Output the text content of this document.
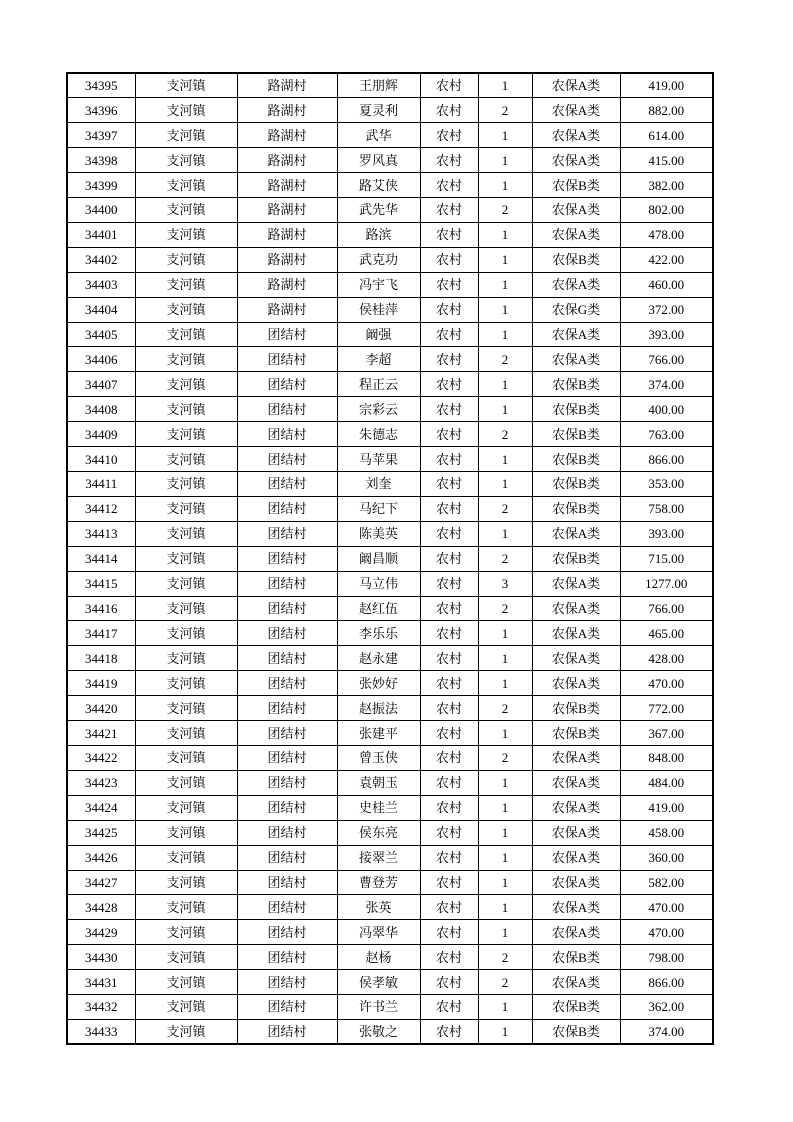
34395	支河镇	路湖村	王朋辉	农村	1	农保A类	419.00
34396	支河镇	路湖村	夏灵利	农村	2	农保A类	882.00
34397	支河镇	路湖村	武华	农村	1	农保A类	614.00
34398	支河镇	路湖村	罗风真	农村	1	农保A类	415.00
34399	支河镇	路湖村	路艾侠	农村	1	农保B类	382.00
34400	支河镇	路湖村	武先华	农村	2	农保A类	802.00
34401	支河镇	路湖村	路滨	农村	1	农保A类	478.00
34402	支河镇	路湖村	武克功	农村	1	农保B类	422.00
34403	支河镇	路湖村	冯宇飞	农村	1	农保A类	460.00
34404	支河镇	路湖村	侯桂萍	农村	1	农保G类	372.00
34405	支河镇	团结村	阚强	农村	1	农保A类	393.00
34406	支河镇	团结村	李超	农村	2	农保A类	766.00
34407	支河镇	团结村	程正云	农村	1	农保B类	374.00
34408	支河镇	团结村	宗彩云	农村	1	农保B类	400.00
34409	支河镇	团结村	朱德志	农村	2	农保B类	763.00
34410	支河镇	团结村	马苹果	农村	1	农保B类	866.00
34411	支河镇	团结村	刘奎	农村	1	农保B类	353.00
34412	支河镇	团结村	马纪下	农村	2	农保B类	758.00
34413	支河镇	团结村	陈美英	农村	1	农保A类	393.00
34414	支河镇	团结村	阚昌顺	农村	2	农保B类	715.00
34415	支河镇	团结村	马立伟	农村	3	农保A类	1277.00
34416	支河镇	团结村	赵红伍	农村	2	农保A类	766.00
34417	支河镇	团结村	李乐乐	农村	1	农保A类	465.00
34418	支河镇	团结村	赵永建	农村	1	农保A类	428.00
34419	支河镇	团结村	张妙好	农村	1	农保A类	470.00
34420	支河镇	团结村	赵振法	农村	2	农保B类	772.00
34421	支河镇	团结村	张建平	农村	1	农保B类	367.00
34422	支河镇	团结村	曾玉侠	农村	2	农保A类	848.00
34423	支河镇	团结村	袁朝玉	农村	1	农保A类	484.00
34424	支河镇	团结村	史桂兰	农村	1	农保A类	419.00
34425	支河镇	团结村	侯东亮	农村	1	农保A类	458.00
34426	支河镇	团结村	接翠兰	农村	1	农保A类	360.00
34427	支河镇	团结村	曹登芳	农村	1	农保A类	582.00
34428	支河镇	团结村	张英	农村	1	农保A类	470.00
34429	支河镇	团结村	冯翠华	农村	1	农保A类	470.00
34430	支河镇	团结村	赵杨	农村	2	农保B类	798.00
34431	支河镇	团结村	侯孝敏	农村	2	农保A类	866.00
34432	支河镇	团结村	许书兰	农村	1	农保B类	362.00
34433	支河镇	团结村	张敬之	农村	1	农保B类	374.00
